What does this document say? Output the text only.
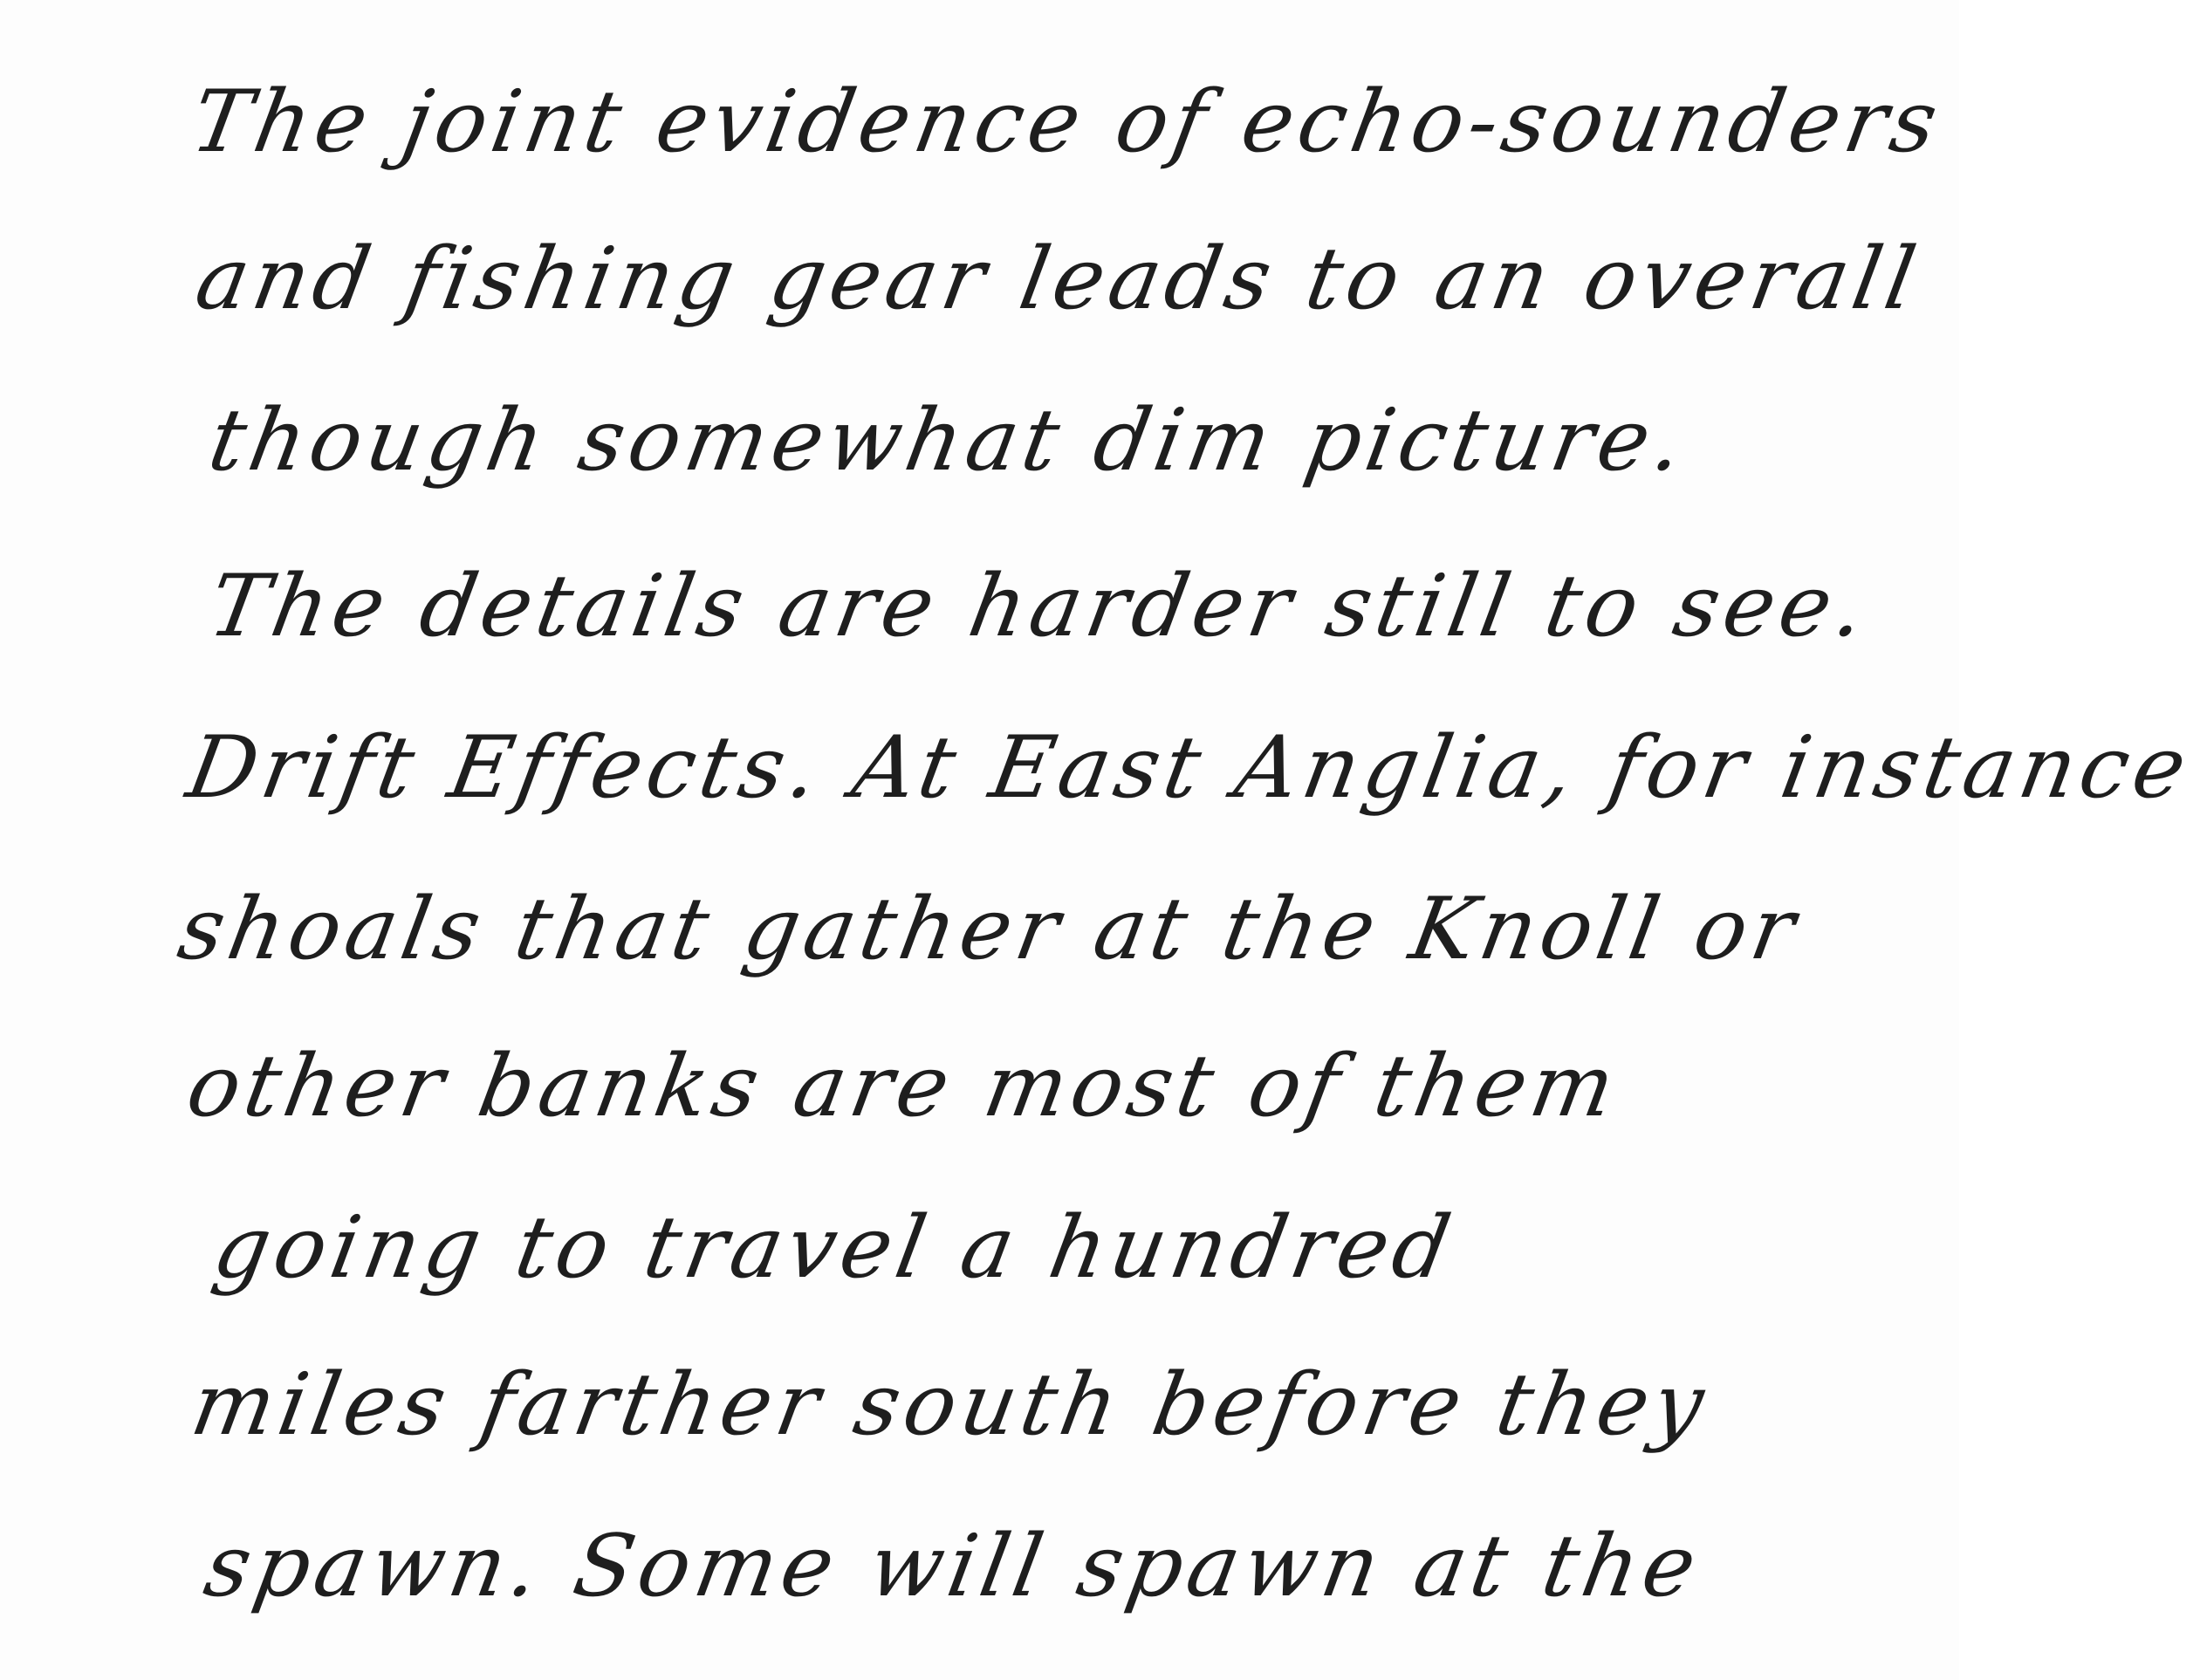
The joint evidence of echo-sounders
and fishing gear leads to an overall
though somewhat dim picture.
The details are harder still to see.
Drift Effects. At East Anglia, for instance
shoals that gather at the Knoll or
other banks are most of them
going to travel a hundred
miles farther south before they
spawn. Some will spawn at the
